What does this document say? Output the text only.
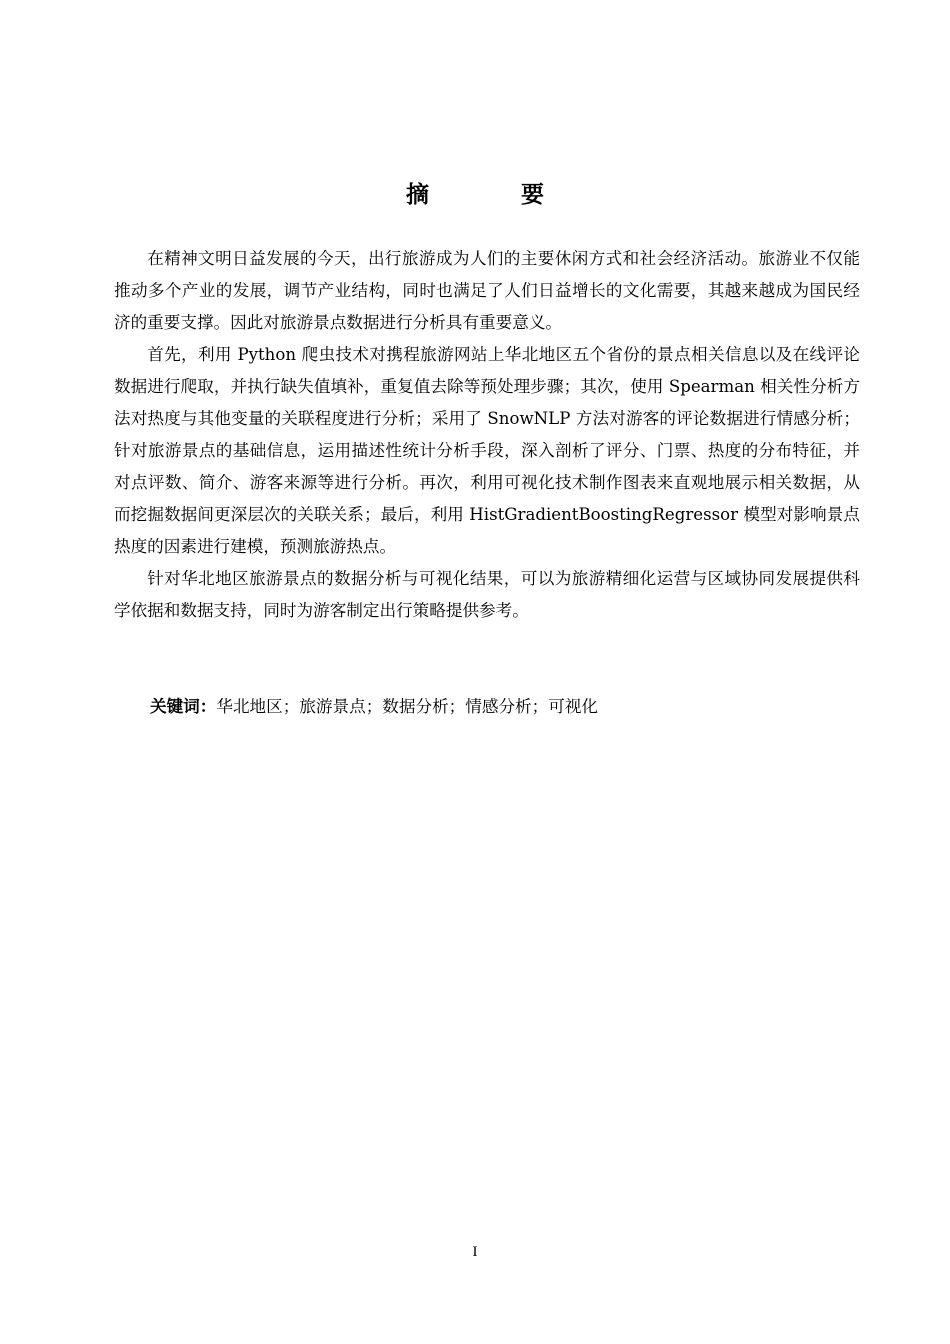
摘 要

在精神文明日益发展的今天，出行旅游成为人们的主要休闲方式和社会经济活动。旅游业不仅能推动多个产业的发展，调节产业结构，同时也满足了人们日益增长的文化需要，其越来越成为国民经济的重要支撑。因此对旅游景点数据进行分析具有重要意义。

首先，利用 Python 爬虫技术对携程旅游网站上华北地区五个省份的景点相关信息以及在线评论数据进行爬取，并执行缺失值填补，重复值去除等预处理步骤；其次，使用 Spearman 相关性分析方法对热度与其他变量的关联程度进行分析；采用了 SnowNLP 方法对游客的评论数据进行情感分析；针对旅游景点的基础信息，运用描述性统计分析手段，深入剖析了评分、门票、热度的分布特征，并对点评数、简介、游客来源等进行分析。再次，利用可视化技术制作图表来直观地展示相关数据，从而挖掘数据间更深层次的关联关系；最后，利用 HistGradientBoostingRegressor 模型对影响景点热度的因素进行建模，预测旅游热点。

针对华北地区旅游景点的数据分析与可视化结果，可以为旅游精细化运营与区域协同发展提供科学依据和数据支持，同时为游客制定出行策略提供参考。

关键词：华北地区；旅游景点；数据分析；情感分析；可视化
I
